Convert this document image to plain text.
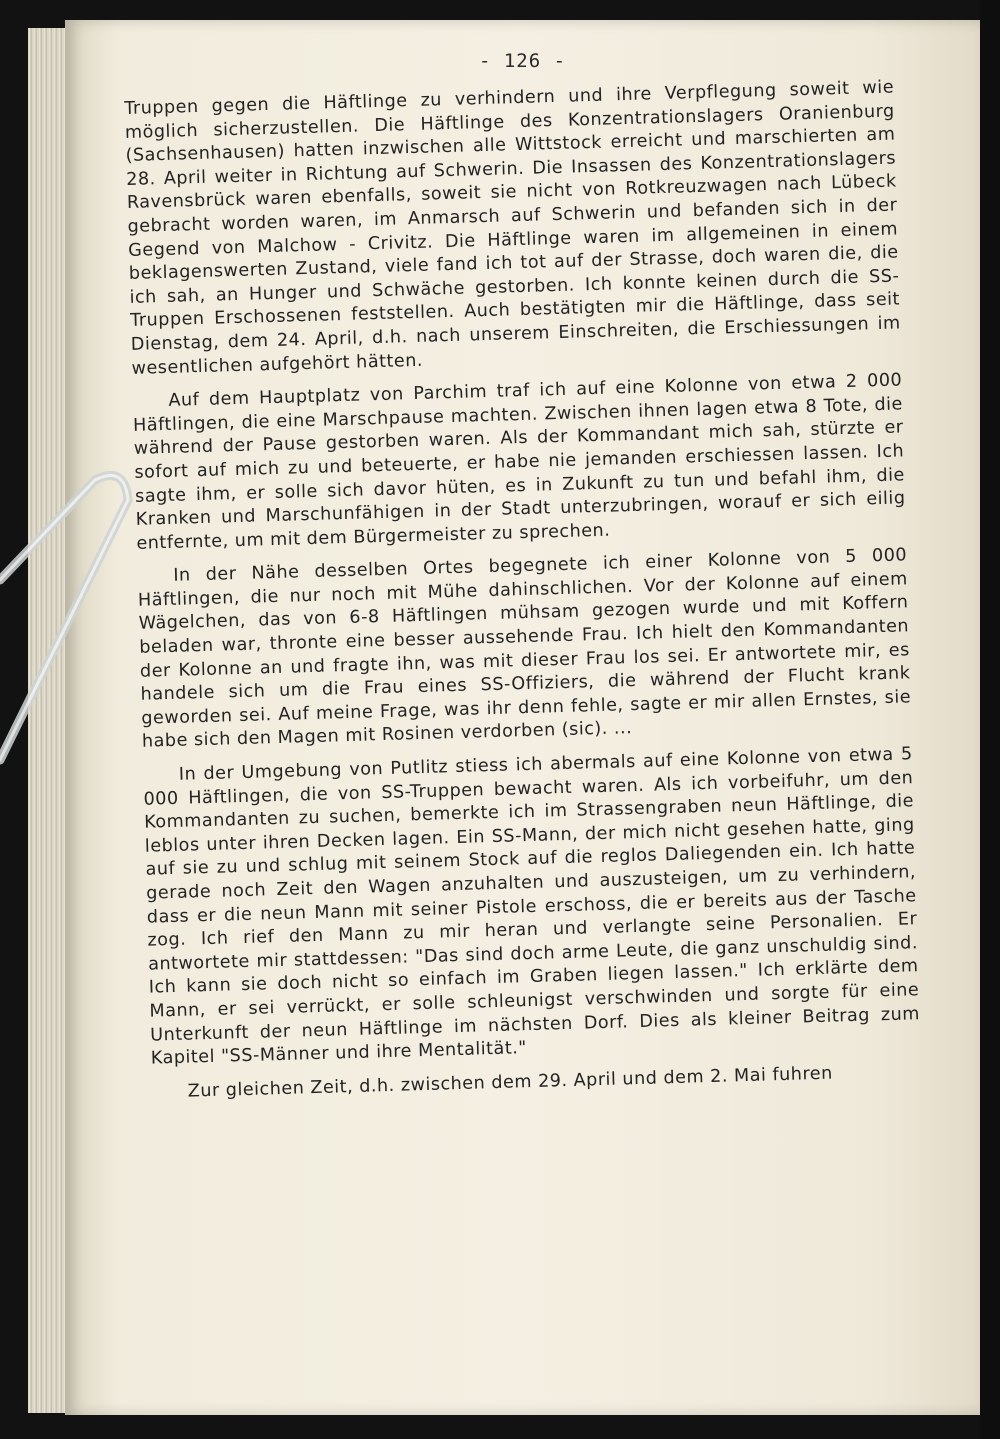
- 126 -

Truppen gegen die Häftlinge zu verhindern und ihre Verpflegung soweit wie möglich sicherzustellen. Die Häftlinge des Konzentrationslagers Oranienburg (Sachsenhausen) hatten inzwischen alle Wittstock erreicht und marschierten am 28. April weiter in Richtung auf Schwerin. Die Insassen des Konzentrationslagers Ravensbrück waren ebenfalls, soweit sie nicht von Rotkreuzwagen nach Lübeck gebracht worden waren, im Anmarsch auf Schwerin und befanden sich in der Gegend von Malchow - Crivitz. Die Häftlinge waren im allgemeinen in einem beklagenswerten Zustand, viele fand ich tot auf der Strasse, doch waren die, die ich sah, an Hunger und Schwäche gestorben. Ich konnte keinen durch die SS-Truppen Erschossenen feststellen. Auch bestätigten mir die Häftlinge, dass seit Dienstag, dem 24. April, d.h. nach unserem Einschreiten, die Erschiessungen im wesentlichen aufgehört hätten.

Auf dem Hauptplatz von Parchim traf ich auf eine Kolonne von etwa 2 000 Häftlingen, die eine Marschpause machten. Zwischen ihnen lagen etwa 8 Tote, die während der Pause gestorben waren. Als der Kommandant mich sah, stürzte er sofort auf mich zu und beteuerte, er habe nie jemanden erschiessen lassen. Ich sagte ihm, er solle sich davor hüten, es in Zukunft zu tun und befahl ihm, die Kranken und Marschunfähigen in der Stadt unterzubringen, worauf er sich eilig entfernte, um mit dem Bürgermeister zu sprechen.

In der Nähe desselben Ortes begegnete ich einer Kolonne von 5 000 Häftlingen, die nur noch mit Mühe dahinschlichen. Vor der Kolonne auf einem Wägelchen, das von 6-8 Häftlingen mühsam gezogen wurde und mit Koffern beladen war, thronte eine besser aussehende Frau. Ich hielt den Kommandanten der Kolonne an und fragte ihn, was mit dieser Frau los sei. Er antwortete mir, es handele sich um die Frau eines SS-Offiziers, die während der Flucht krank geworden sei. Auf meine Frage, was ihr denn fehle, sagte er mir allen Ernstes, sie habe sich den Magen mit Rosinen verdorben (sic). ...

In der Umgebung von Putlitz stiess ich abermals auf eine Kolonne von etwa 5 000 Häftlingen, die von SS-Truppen bewacht waren. Als ich vorbeifuhr, um den Kommandanten zu suchen, bemerkte ich im Strassengraben neun Häftlinge, die leblos unter ihren Decken lagen. Ein SS-Mann, der mich nicht gesehen hatte, ging auf sie zu und schlug mit seinem Stock auf die reglos Daliegenden ein. Ich hatte gerade noch Zeit den Wagen anzuhalten und auszusteigen, um zu verhindern, dass er die neun Mann mit seiner Pistole erschoss, die er bereits aus der Tasche zog. Ich rief den Mann zu mir heran und verlangte seine Personalien. Er antwortete mir stattdessen: "Das sind doch arme Leute, die ganz unschuldig sind. Ich kann sie doch nicht so einfach im Graben liegen lassen." Ich erklärte dem Mann, er sei verrückt, er solle schleunigst verschwinden und sorgte für eine Unterkunft der neun Häftlinge im nächsten Dorf. Dies als kleiner Beitrag zum Kapitel "SS-Männer und ihre Mentalität."

Zur gleichen Zeit, d.h. zwischen dem 29. April und dem 2. Mai fuhren
